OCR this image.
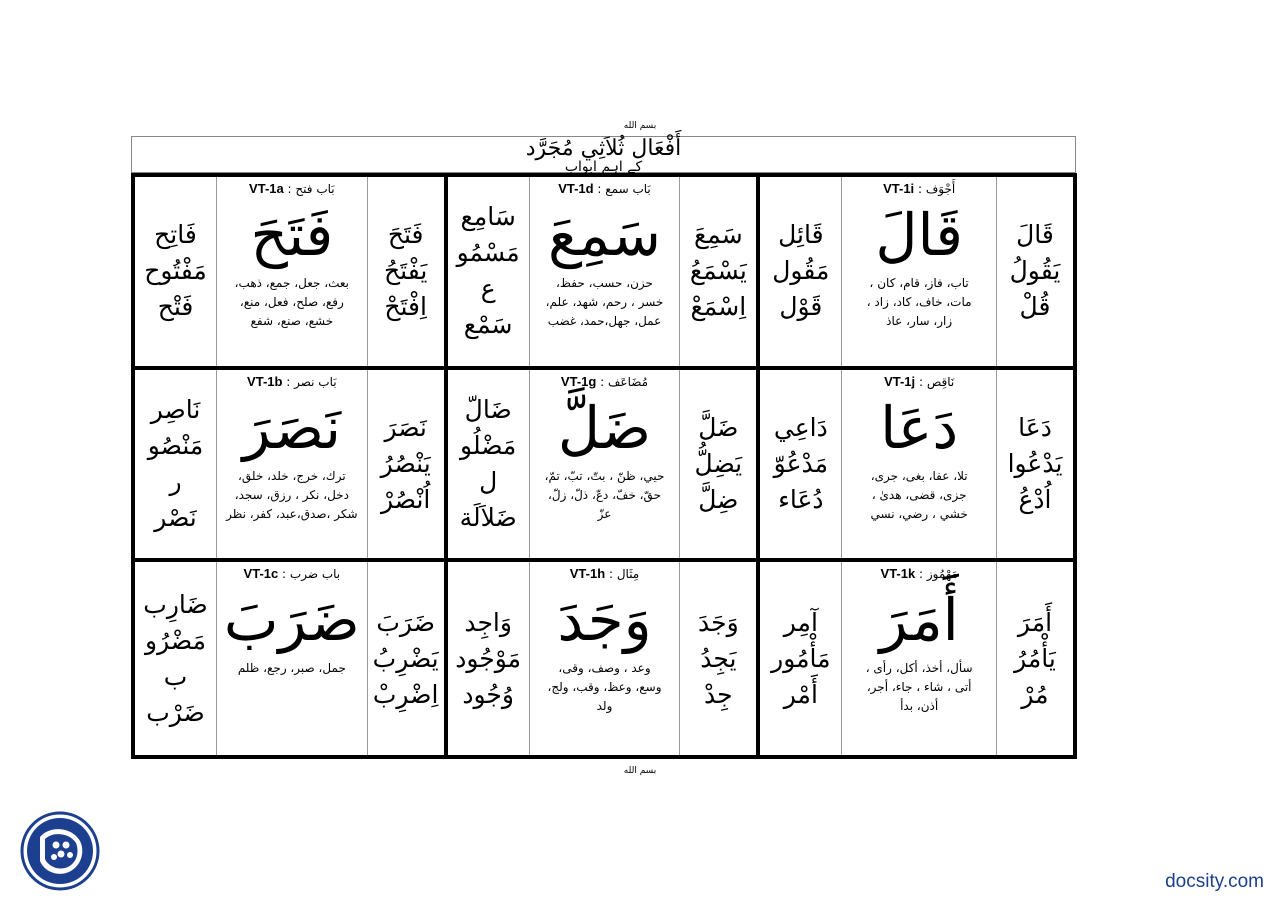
بسم الله
أَفْعَال ثُلاَثِي مُجَرَّد
کے اہم ابواب
فَاتِح
مَفْتُوح
فَتْح
بَاب فتح : VT-1a
فَتَحَ
بعث، جعل، جمع، ذهب،
رفع، صلح، فعل، منع،
خشع، صنع، شفع
فَتَحَ
يَفْتَحُ
اِفْتَحْ
سَامِع
مَسْمُو
ع
سَمْع
بَاب سمع : VT-1d
سَمِعَ
حزن، حسب، حفظ،
خسر ، رحم، شهد، علم،
عمل، جهل،حمد، غضب
سَمِعَ
يَسْمَعُ
اِسْمَعْ
قَائِل
مَقُول
قَوْل
أَجْوَف : VT-1i
قَالَ
تاب، فاز، قام، كان ،
مات، خاف، كاد، زاد ،
زار، سار، عاذ
قَالَ
يَقُولُ
قُلْ
نَاصِر
مَنْصُو
ر
نَصْر
بَاب نصر : VT-1b
نَصَرَ
ترك، خرج، خلد، خلق،
دخل، نكر ، رزق، سجد،
شكر ،صدق،عبد، كفر، نظر
نَصَرَ
يَنْصُرُ
اُنْصُرْ
ضَالّ
مَضْلُو
ل
ضَلاَلَة
مُضَاعَف : VT-1g
ضَلَّ
حيي، ظنّ ، بتّ، تبّ، تمّ،
حقّ، خفّ، دعّ، ذلّ، زلّ،
عزّ
ضَلَّ
يَضِلُّ
ضِلَّ
دَاعِي
مَدْعُوّ
دُعَاء
نَاقِص : VT-1j
دَعَا
تلا، عفا، بغى، جرى،
جزى، قضى، هدىٰ ،
خشي ، رضي، نسي
دَعَا
يَدْعُوا
اُدْعُ
ضَارِب
مَضْرُو
ب
ضَرْب
باب ضرب : VT-1c
ضَرَبَ
جمل، صبر، رجع، ظلم
ضَرَبَ
يَضْرِبُ
اِضْرِبْ
وَاجِد
مَوْجُود
وُجُود
مِثَال : VT-1h
وَجَدَ
وعد ، وصف، وقى،
وسع، وعظ، وقب، ولج،
ولد
وَجَدَ
يَجِدُ
جِدْ
آمِر
مَأْمُور
أَمْر
مَهْمُوز : VT-1k
أَمَرَ
سأل، أخذ، أكل، رأى ،
أتى ، شاء ، جاء، أجر،
أذن، بدأ
أَمَرَ
يَأْمُرُ
مُرْ
بسم الله
docsity.com
